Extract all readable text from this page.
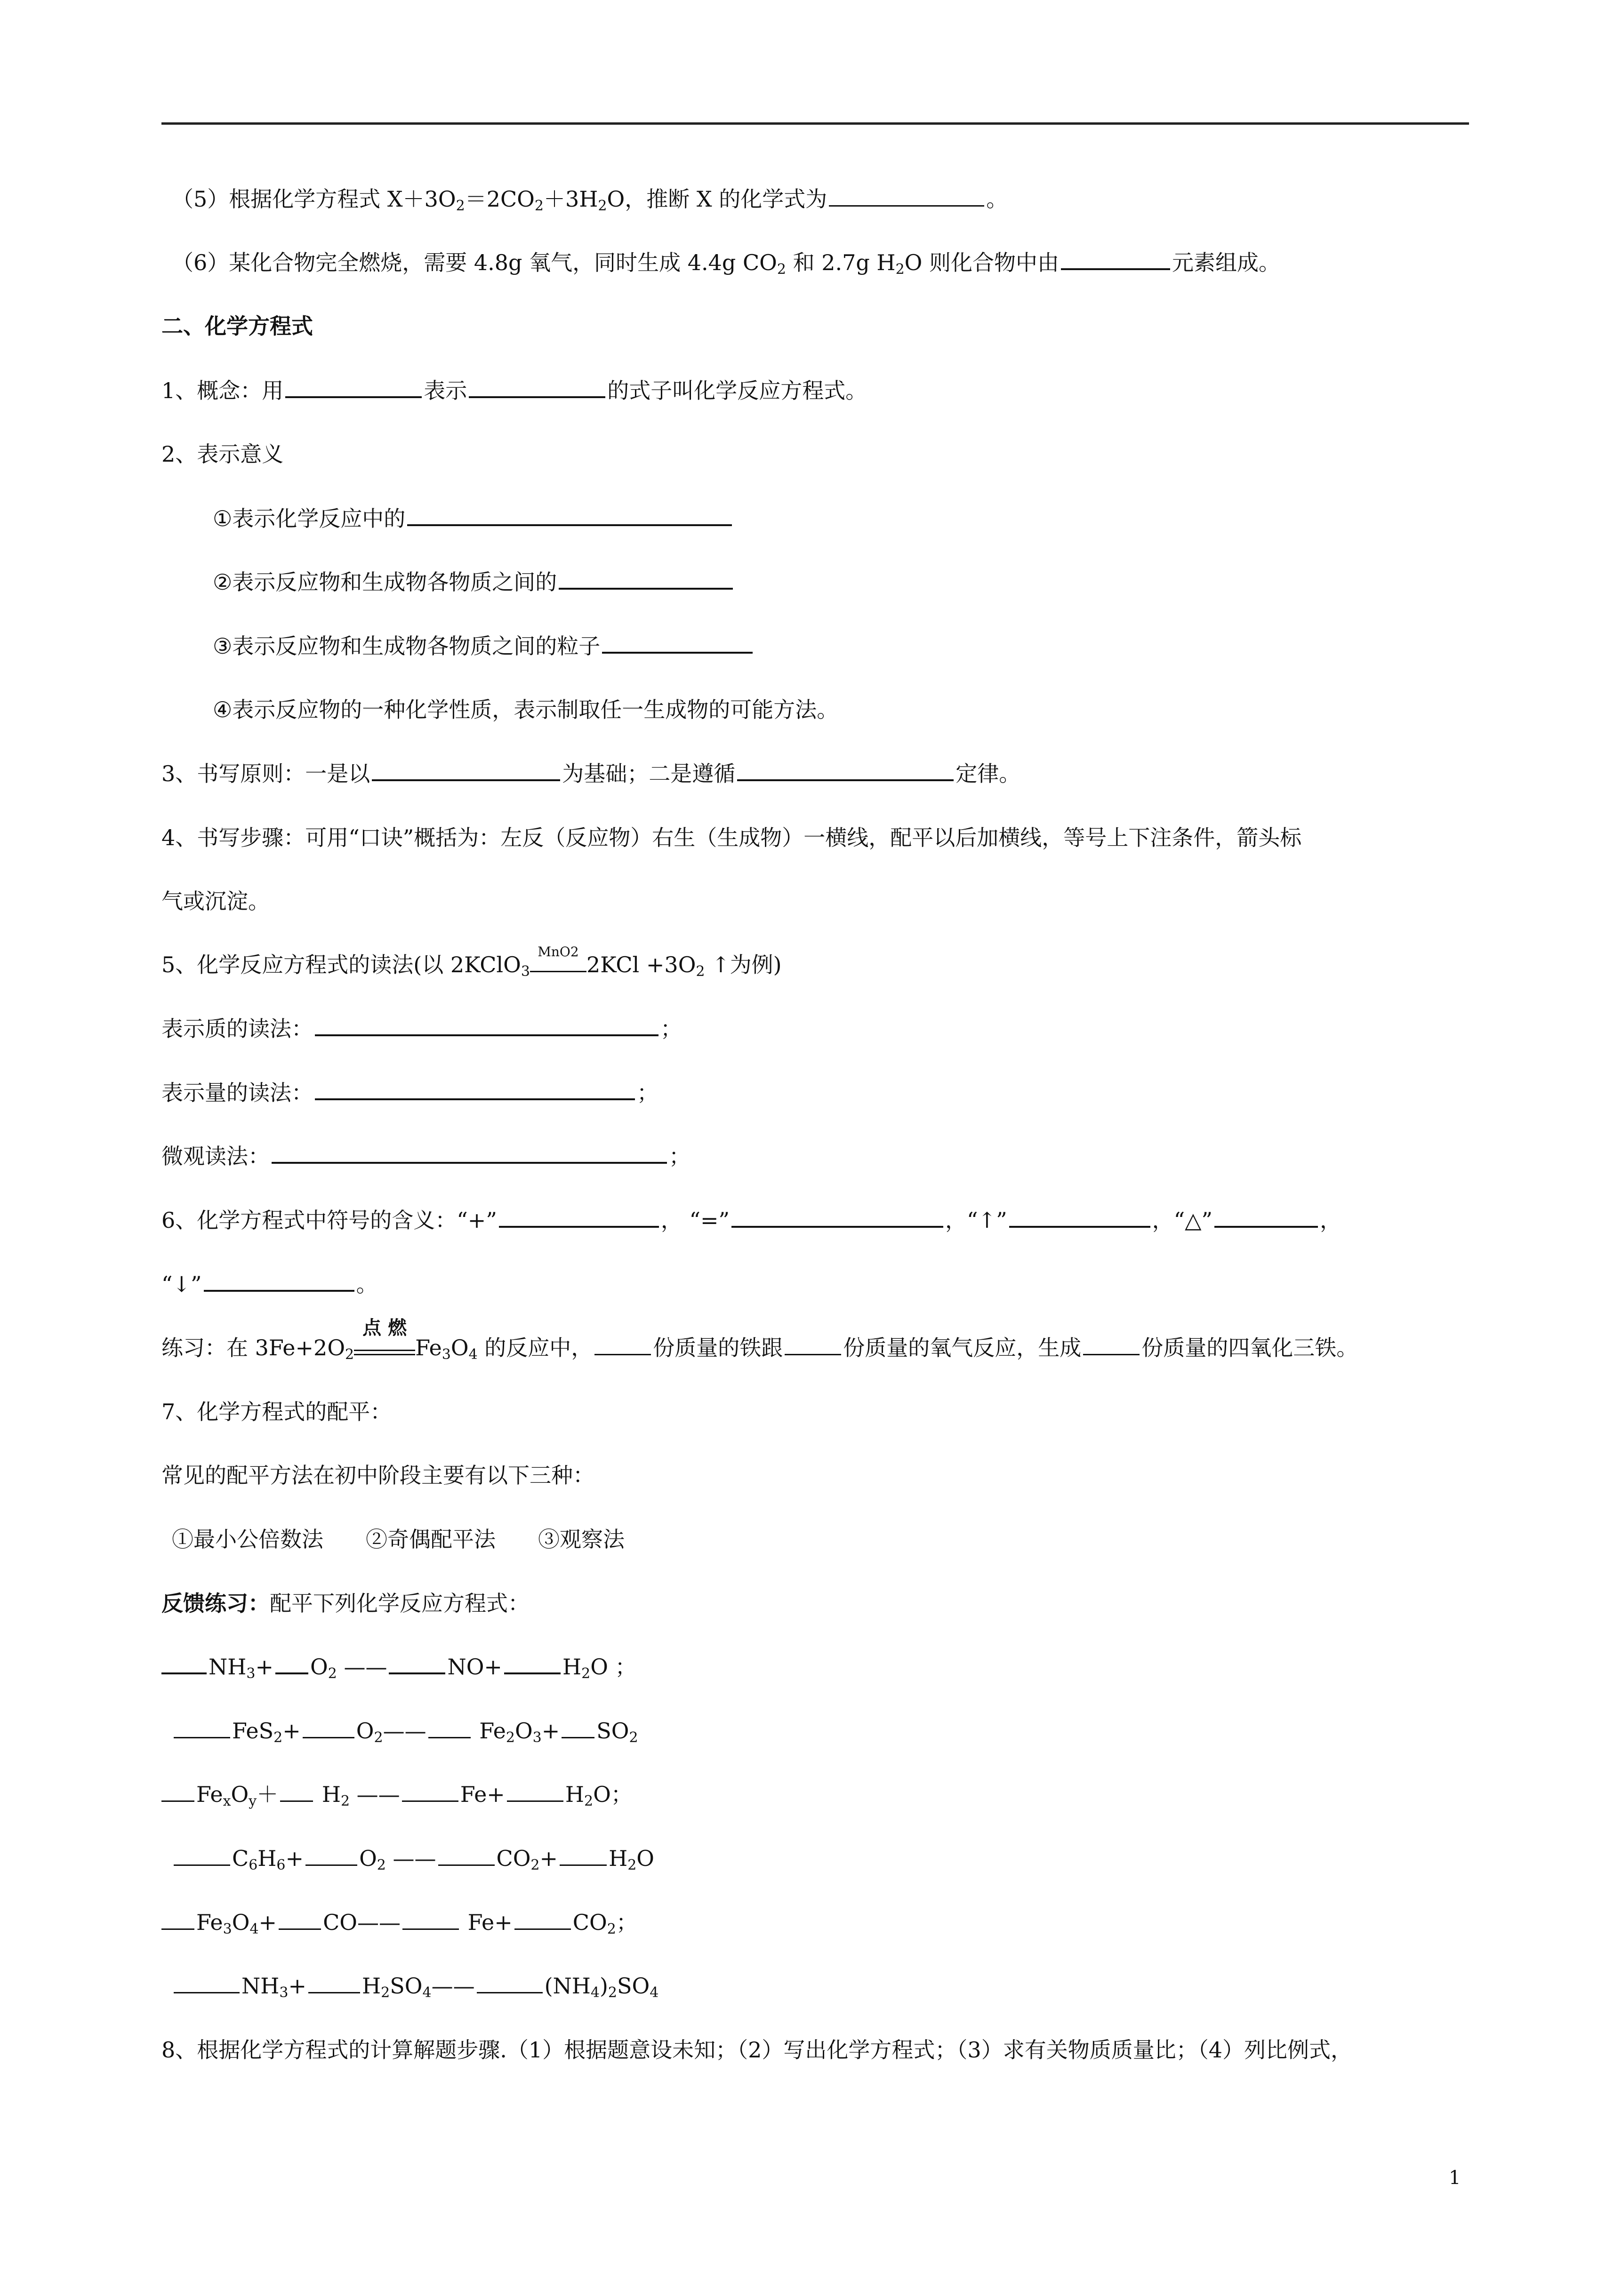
（5）根据化学方程式 $X+3O_2=2CO_2+3H_2O$，推断 X 的化学式为	。
（6）某化合物完全燃烧，需要 4.8g 氧气，同时生成 4.4g $CO_2$ 和 2.7g $H_2O$ 则化合物中由	元素组成。
二、化学方程式
1、概念：用	表示	的式子叫化学反应方程式。
2、表示意义
①表示化学反应中的
②表示反应物和生成物各物质之间的
③表示反应物和生成物各物质之间的粒子
④表示反应物的一种化学性质，表示制取任一生成物的可能方法。
3、书写原则：一是以	为基础；二是遵循	定律。
4、书写步骤：可用“口诀”概括为：左反（反应物）右生（生成物）一横线，配平以后加横线，等号上下注条件，箭头标
气或沉淀。
5、化学反应方程式的读法(以 2KClO$_3$
MnO2
$2KCl +3O_2$ ↑为例)
表示质的读法：	；
表示量的读法：	；
微观读法：	；
6、化学方程式中符号的含义：“+”	， “=”	，“↑”	，“△”	，
“↓”	。
练习：在 $3Fe+2O_2$
点 燃
$Fe_3O_4$ 的反应中，	份质量的铁跟	份质量的氧气反应，生成	份质量的四氧化三铁。
7、化学方程式的配平：
常见的配平方法在初中阶段主要有以下三种：
①最小公倍数法 ②奇偶配平法 ③观察法
反馈练习：配平下列化学反应方程式：
$NH_3+ O_2$ ——	NO+	$H_2O$ ；
FeS$_2$+	$O_2——$ $Fe_2O_3+ SO_2$
$Fe_xO_y+ H_2$ ——	Fe+	$H_2O$；
$C_6H_6+$	$O_2$ ——	$CO_2+ H_2O$
$Fe_3O_4+$ CO——	Fe+	$CO_2$；
$NH_3+$	$H_2SO_4——$	$(NH_4)_2SO_4$
8、根据化学方程式的计算解题步骤.（1）根据题意设未知；（2）写出化学方程式；（3）求有关物质质量比；（4）列比例式，
1
